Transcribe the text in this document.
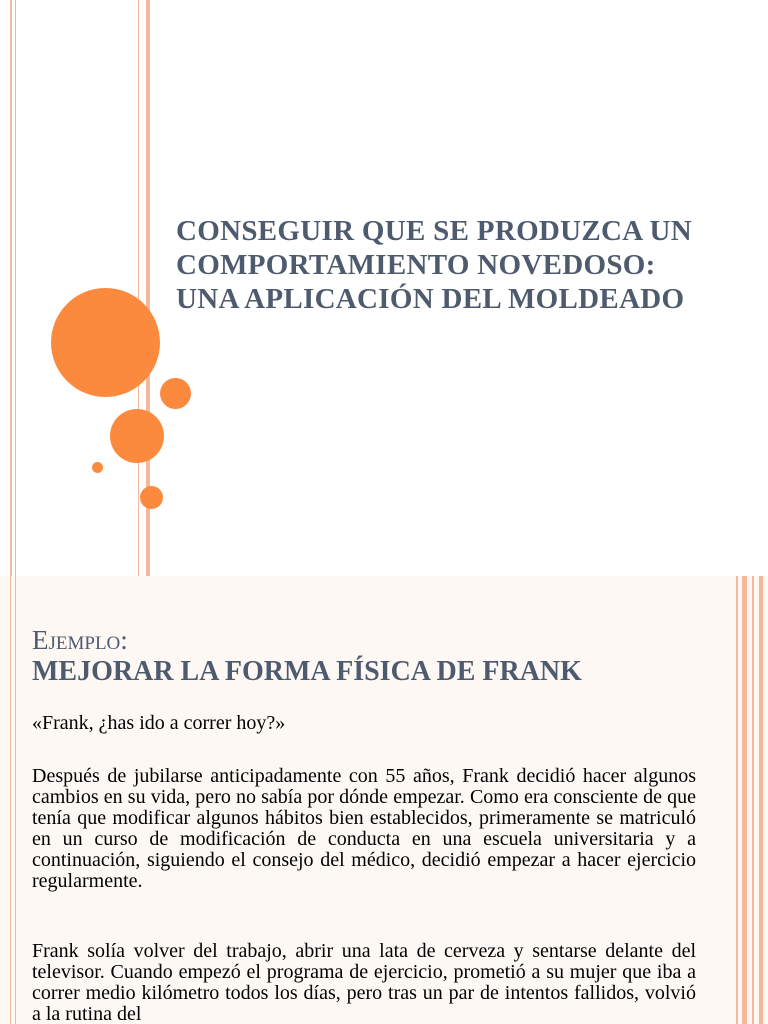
CONSEGUIR QUE SE PRODUZCA UN
COMPORTAMIENTO NOVEDOSO:
UNA APLICACIÓN DEL MOLDEADO
Ejemplo:
MEJORAR LA FORMA FÍSICA DE FRANK

«Frank, ¿has ido a correr hoy?»

Después de jubilarse anticipadamente con 55 años, Frank decidió hacer algunos cambios en su vida, pero no sabía por dónde empezar. Como era consciente de que tenía que modificar algunos hábitos bien establecidos, primeramente se matriculó en un curso de modificación de conducta en una escuela universitaria y a continuación, siguiendo el consejo del médico, decidió empezar a hacer ejercicio regularmente.

Frank solía volver del trabajo, abrir una lata de cerveza y sentarse delante del televisor. Cuando empezó el programa de ejercicio, prometió a su mujer que iba a correr medio kilómetro todos los días, pero tras un par de intentos fallidos, volvió a la rutina del
